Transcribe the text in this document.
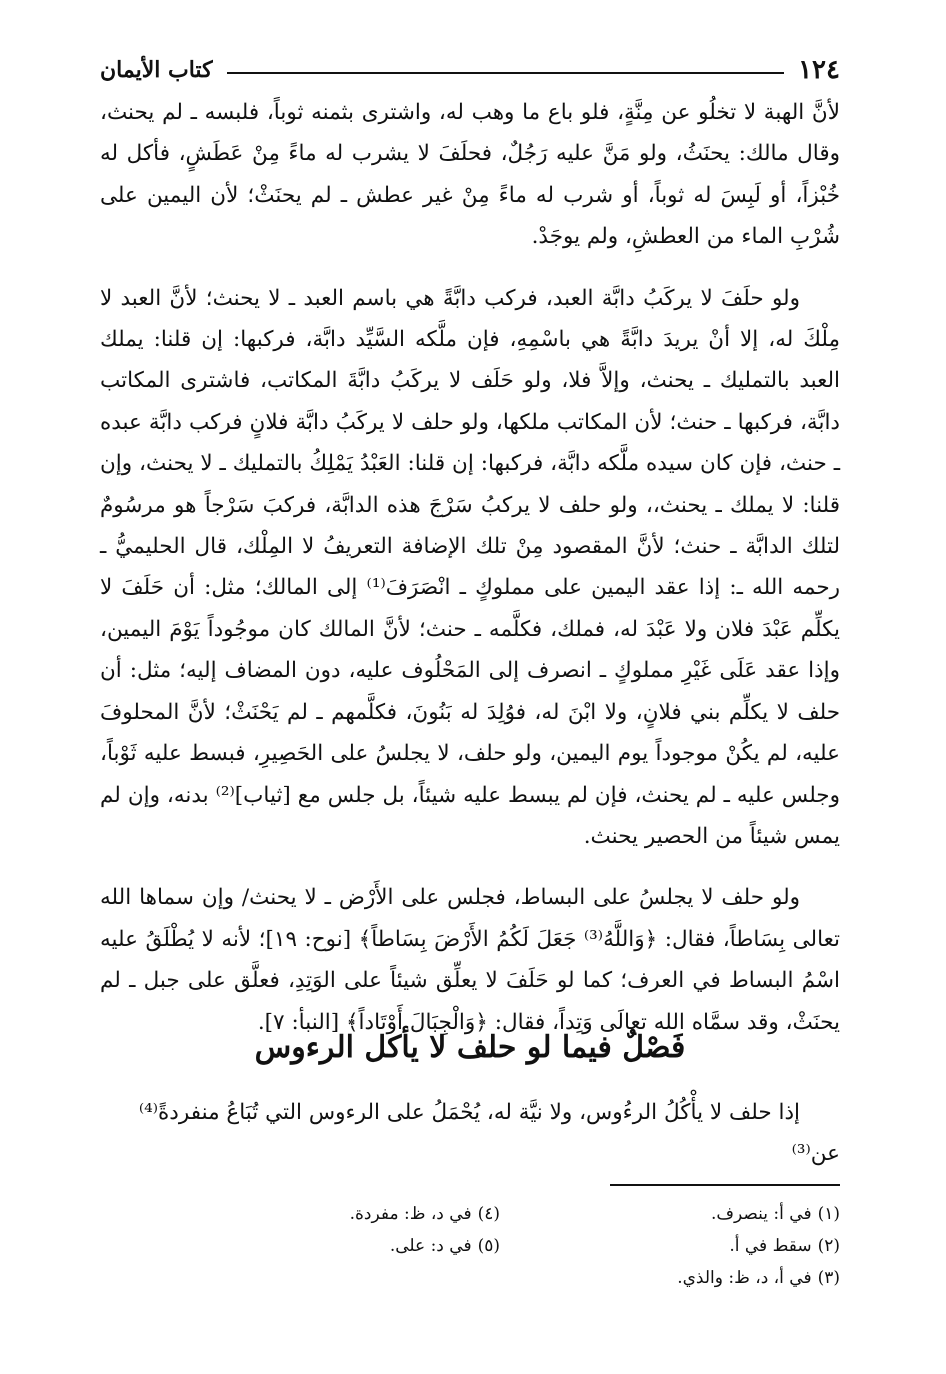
١٢٤
كتاب الأيمان

لأنَّ الهبة لا تخلُو عن مِنَّةٍ، فلو باع ما وهب له، واشترى بثمنه ثوباً، فلبسه ـ لم يحنث، وقال مالك: يحنَثُ، ولو مَنَّ عليه رَجُلٌ، فحلَفَ لا يشرب له ماءً مِنْ عَطَشٍ، فأكل له خُبْزاً، أو لَبِسَ له ثوباً، أو شرب له ماءً مِنْ غير عطش ـ لم يحنَثْ؛ لأن اليمين على شُرْبِ الماء من العطشِ، ولم يوجَدْ.

ولو حلَفَ لا يركَبُ دابَّة العبد، فركب دابَّةً هي باسم العبد ـ لا يحنث؛ لأنَّ العبد لا مِلْكَ له، إلا أنْ يريدَ دابَّةً هي باسْمِهِ، فإن ملَّكه السَّيِّد دابَّة، فركبها: إن قلنا: يملك العبد بالتمليك ـ يحنث، وإلاَّ فلا، ولو حَلَف لا يركَبُ دابَّةَ المكاتب، فاشترى المكاتب دابَّة، فركبها ـ حنث؛ لأن المكاتب ملكها، ولو حلف لا يركَبُ دابَّة فلانٍ فركب دابَّة عبده ـ حنث، فإن كان سيده ملَّكه دابَّة، فركبها: إن قلنا: العَبْدُ يَمْلِكُ بالتمليك ـ لا يحنث، وإن قلنا: لا يملك ـ يحنث،، ولو حلف لا يركبُ سَرْجَ هذه الدابَّة، فركبَ سَرْجاً هو مرسُومٌ لتلك الدابَّة ـ حنث؛ لأنَّ المقصود مِنْ تلك الإضافة التعريفُ لا المِلْك، قال الحليميُّ ـ رحمه الله ـ: إذا عقد اليمين على مملوكٍ ـ انْصَرَفَ⁽¹⁾ إلى المالك؛ مثل: أن حَلَفَ لا يكلِّم عَبْدَ فلان ولا عَبْدَ له، فملك، فكلَّمه ـ حنث؛ لأنَّ المالك كان موجُوداً يَوْمَ اليمين، وإذا عقد عَلَى غَيْرِ مملوكٍ ـ انصرف إلى المَحْلُوف عليه، دون المضاف إليه؛ مثل: أن حلف لا يكلِّم بني فلانٍ، ولا ابْنَ له، فوُلِدَ له بَنُونَ، فكلَّمهم ـ لم يَحْنَثْ؛ لأنَّ المحلوفَ عليه، لم يكُنْ موجوداً يوم اليمين، ولو حلف، لا يجلسُ على الحَصِيرِ، فبسط عليه ثَوْباً، وجلس عليه ـ لم يحنث، فإن لم يبسط عليه شيئاً، بل جلس مع [ثياب]⁽²⁾ بدنه، وإن لم يمس شيئاً من الحصير يحنث.

ولو حلف لا يجلسُ على البساط، فجلس على الأَرْض ـ لا يحنث/ وإن سماها الله تعالى بِسَاطاً، فقال: ﴿وَاللَّهُ⁽³⁾ جَعَلَ لَكُمُ الأَرْضَ بِسَاطاً﴾ [نوح: ١٩]؛ لأنه لا يُطْلَقُ عليه اسْمُ البساط في العرف؛ كما لو حَلَفَ لا يعلِّق شيئاً على الوَتِدِ، فعلَّق على جبل ـ لم يحنَثْ، وقد سمَّاه الله تعالَى وَتِداً، فقال: ﴿وَالْجِبَالَ أَوْتَاداً﴾ [النبأ: ٧].

فَصْلٌ فيما لو حلف لا يأكل الرءوس
إذا حلف لا يأْكُلُ الرءُوس، ولا نيَّة له، يُحْمَلُ على الرءوس التي تُبَاعُ منفردةً⁽⁴⁾ عن⁽³⁾
(١)في أ: ينصرف.
(٢)سقط في أ.
(٣)في أ، د، ظ: والذي.
(٤)في د، ظ: مفردة.
(٥)في د: على.
